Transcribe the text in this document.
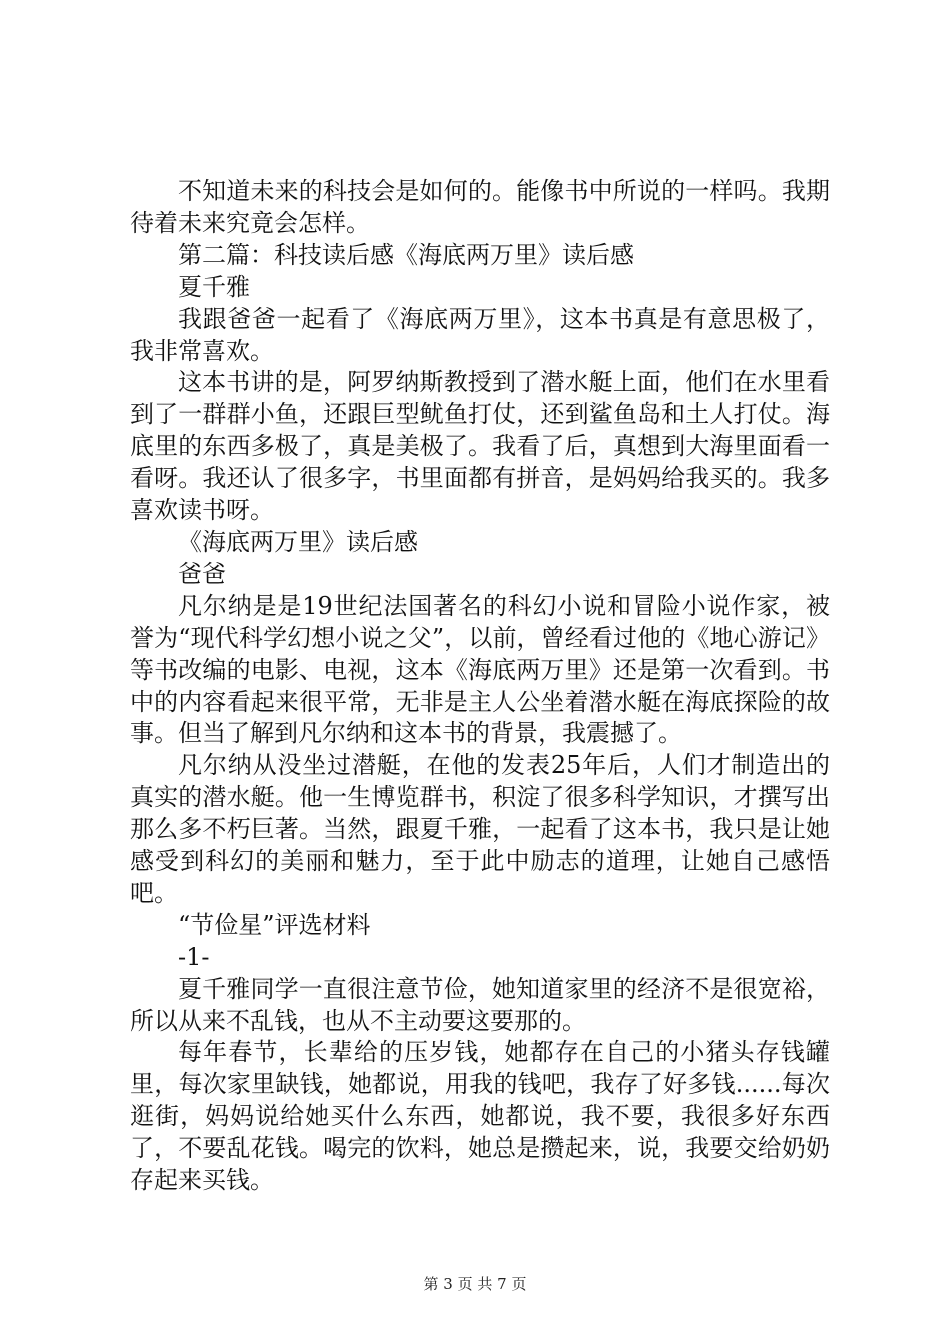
不知道未来的科技会是如何的。能像书中所说的一样吗。我期待着未来究竟会怎样。

第二篇：科技读后感《海底两万里》读后感

夏千雅

我跟爸爸一起看了《海底两万里》，这本书真是有意思极了，我非常喜欢。

这本书讲的是，阿罗纳斯教授到了潜水艇上面，他们在水里看到了一群群小鱼，还跟巨型鱿鱼打仗，还到鲨鱼岛和土人打仗。海底里的东西多极了，真是美极了。我看了后，真想到大海里面看一看呀。我还认了很多字，书里面都有拼音，是妈妈给我买的。我多喜欢读书呀。

《海底两万里》读后感

爸爸

凡尔纳是是19世纪法国著名的科幻小说和冒险小说作家，被誉为“现代科学幻想小说之父”，以前，曾经看过他的《地心游记》等书改编的电影、电视，这本《海底两万里》还是第一次看到。书中的内容看起来很平常，无非是主人公坐着潜水艇在海底探险的故事。但当了解到凡尔纳和这本书的背景，我震撼了。

凡尔纳从没坐过潜艇，在他的发表25年后，人们才制造出的真实的潜水艇。他一生博览群书，积淀了很多科学知识，才撰写出那么多不朽巨著。当然，跟夏千雅，一起看了这本书，我只是让她感受到科幻的美丽和魅力，至于此中励志的道理，让她自己感悟吧。

“节俭星”评选材料

-1-

夏千雅同学一直很注意节俭，她知道家里的经济不是很宽裕，所以从来不乱钱，也从不主动要这要那的。

每年春节，长辈给的压岁钱，她都存在自己的小猪头存钱罐里，每次家里缺钱，她都说，用我的钱吧，我存了好多钱......每次逛街，妈妈说给她买什么东西，她都说，我不要，我很多好东西了，不要乱花钱。喝完的饮料，她总是攒起来，说，我要交给奶奶存起来买钱。

第 3 页 共 7 页
